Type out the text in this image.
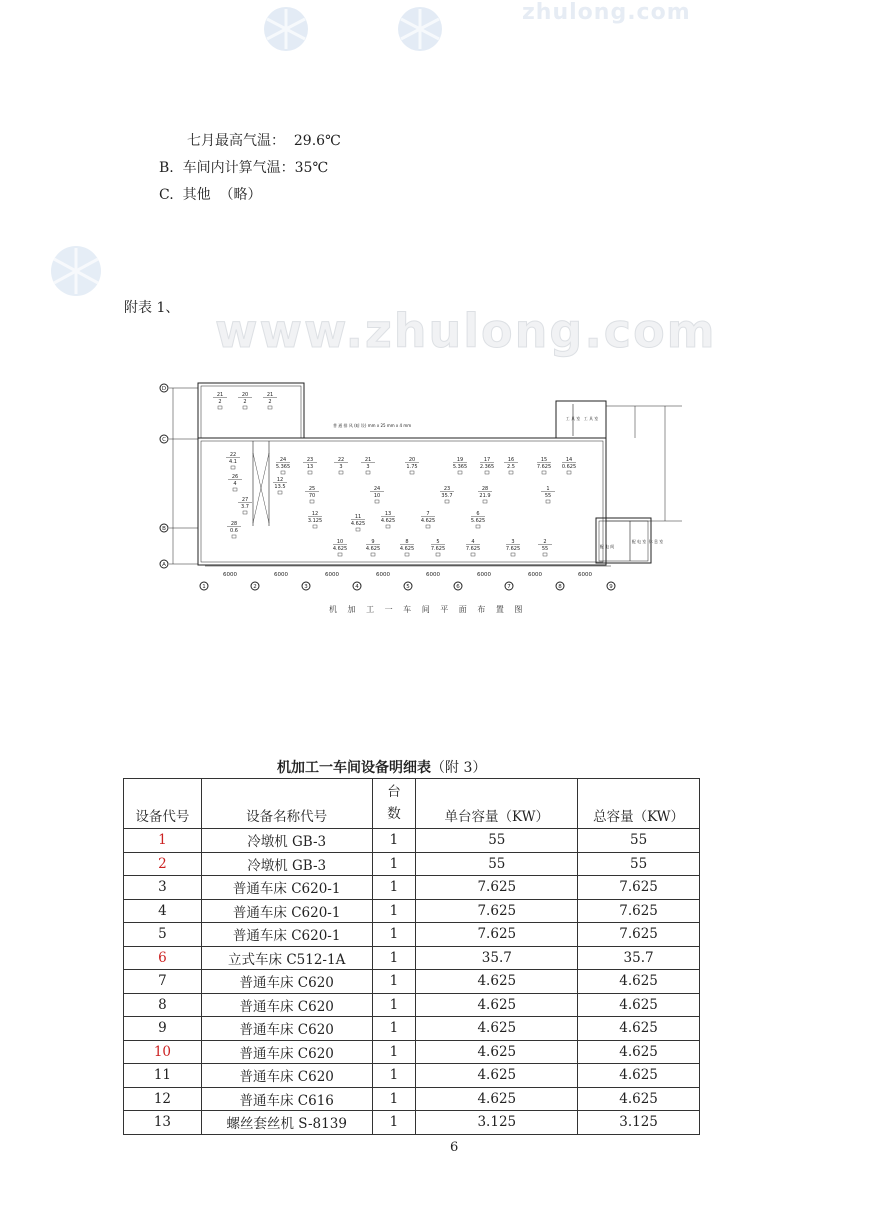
zhulong.com
www.zhulong.com
七月最高气温：  29.6℃
B.  车间内计算气温：35℃
C.  其他  （略）
附表 1、
D
C
B
A
1	2	3	4	5	6	7	8	9
6000	6000	6000	6000	6000	6000	6000	6000
普 通 排 风 (暗 设) mm x 25 mm x 4 mm
21
2
20
2
21
2
22
4.1	24
5.365
23
13
22
3
21
3
20
1.75
19
5.365
17
2.365
16
2.5
15
7.625
14
0.625
26
4
27
3.7
28
0.6
12
13.5	25
70
24
10
23
35.7
28
21.9
1
55
12
3.125
11
4.625
13
4.625
7
4.625
6
5.625
10
4.625
9
4.625
8
4.625
5
7.625
4
7.625
3
7.625
2
55
工 具 室 工 具 室
配 电 间
配 电 室 休 息 室
机 加 工 一 车 间 平 面 布 置 图
机加工一车间设备明细表（附 3）
设备代号	设备名称代号	台
数	单台容量（KW）	总容量（KW）
1	冷墩机 GB-3	1	55	55
2	冷墩机 GB-3	1	55	55
3	普通车床 C620-1	1	7.625	7.625
4	普通车床 C620-1	1	7.625	7.625
5	普通车床 C620-1	1	7.625	7.625
6	立式车床 C512-1A	1	35.7	35.7
7	普通车床 C620	1	4.625	4.625
8	普通车床 C620	1	4.625	4.625
9	普通车床 C620	1	4.625	4.625
10	普通车床 C620	1	4.625	4.625
11	普通车床 C620	1	4.625	4.625
12	普通车床 C616	1	4.625	4.625
13	螺丝套丝机 S-8139	1	3.125	3.125
6
